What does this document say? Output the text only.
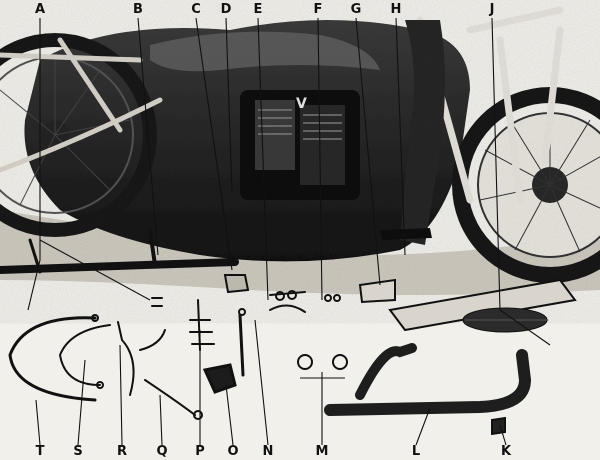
V
A	B	C D E	F G H	J
T S	R Q P O N	M	L	K
